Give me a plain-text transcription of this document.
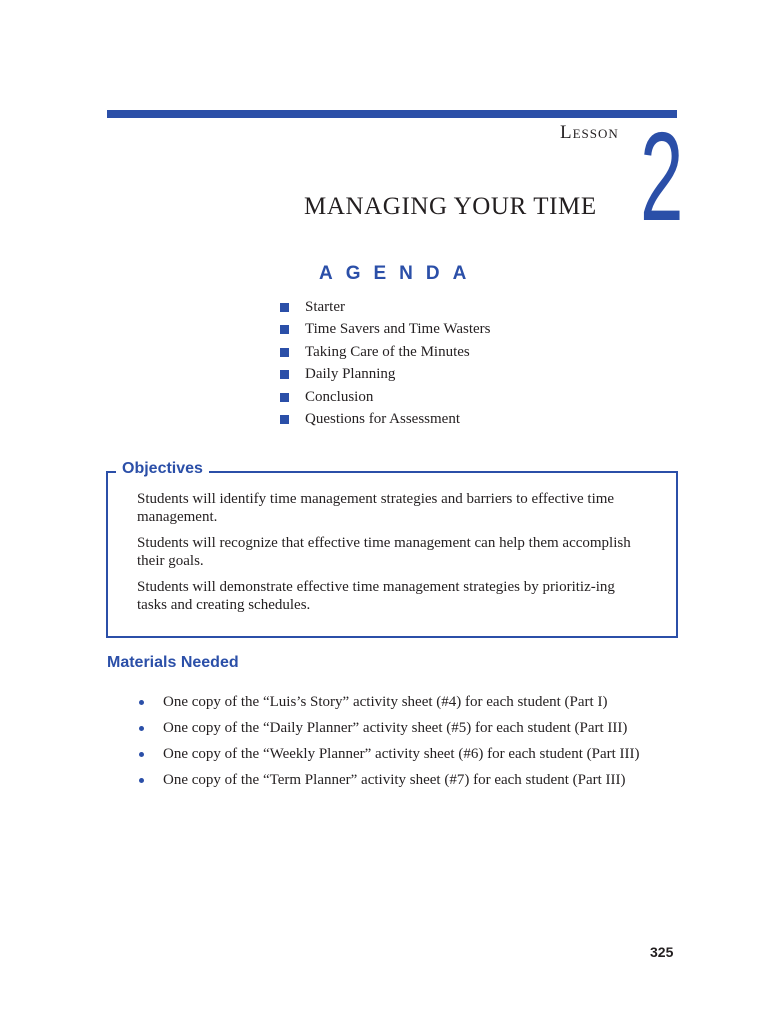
Lesson 2
MANAGING YOUR TIME
AGENDA
Starter
Time Savers and Time Wasters
Taking Care of the Minutes
Daily Planning
Conclusion
Questions for Assessment
Objectives
Students will identify time management strategies and barriers to effective time management.
Students will recognize that effective time management can help them accomplish their goals.
Students will demonstrate effective time management strategies by prioritiz-ing tasks and creating schedules.
Materials Needed
One copy of the “Luis’s Story” activity sheet (#4) for each student (Part I)
One copy of the “Daily Planner” activity sheet (#5) for each student (Part III)
One copy of the “Weekly Planner” activity sheet (#6) for each student (Part III)
One copy of the “Term Planner” activity sheet (#7) for each student (Part III)
325
